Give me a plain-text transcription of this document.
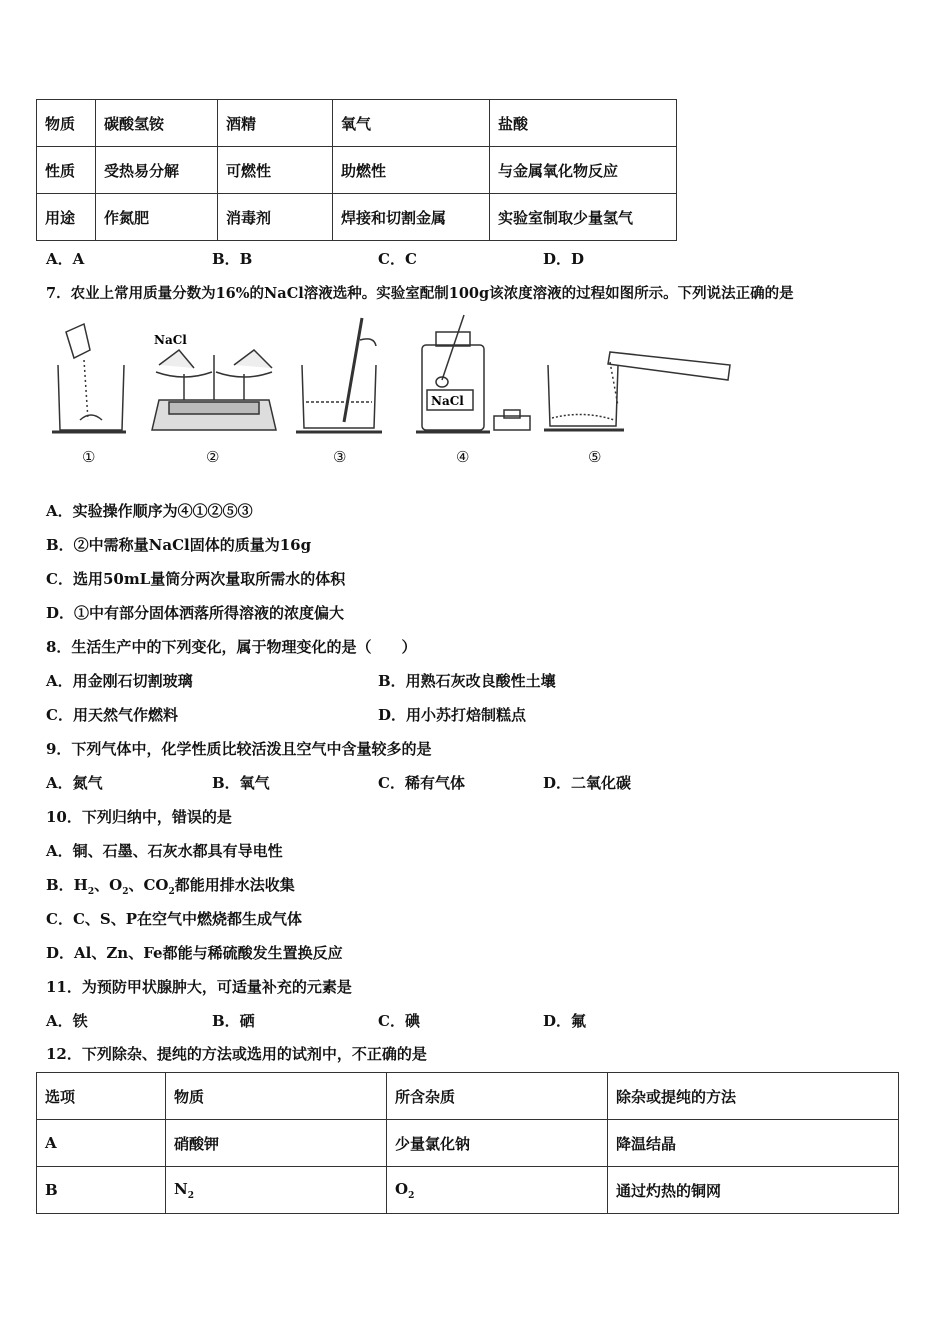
物质	碳酸氢铵	酒精	氧气	盐酸
性质	受热易分解	可燃性	助燃性	与金属氧化物反应
用途	作氮肥	消毒剂	焊接和切割金属	实验室制取少量氢气
A．A	B．B	C．C	D．D
7．农业上常用质量分数为16%的NaCl溶液选种。实验室配制100g该浓度溶液的过程如图所示。下列说法正确的是
NaCl
NaCl
①	②	③	④	⑤
A．实验操作顺序为④①②⑤③
B．②中需称量NaCl固体的质量为16g
C．选用50mL量筒分两次量取所需水的体积
D．①中有部分固体洒落所得溶液的浓度偏大
8．生活生产中的下列变化，属于物理变化的是（　　）
A．用金刚石切割玻璃	B．用熟石灰改良酸性土壤
C．用天然气作燃料	D．用小苏打焙制糕点
9．下列气体中，化学性质比较活泼且空气中含量较多的是
A．氮气	B．氧气	C．稀有气体	D．二氧化碳
10．下列归纳中，错误的是
A．铜、石墨、石灰水都具有导电性
B．$H_2$、$O_2$、$CO_2$都能用排水法收集
C．C、S、P在空气中燃烧都生成气体
D．Al、Zn、Fe都能与稀硫酸发生置换反应
11．为预防甲状腺肿大，可适量补充的元素是
A．铁	B．硒	C．碘	D．氟
12．下列除杂、提纯的方法或选用的试剂中，不正确的是
选项	物质	所含杂质	除杂或提纯的方法
A	硝酸钾	少量氯化钠	降温结晶
B	$N_2$	$O_2$	通过灼热的铜网
